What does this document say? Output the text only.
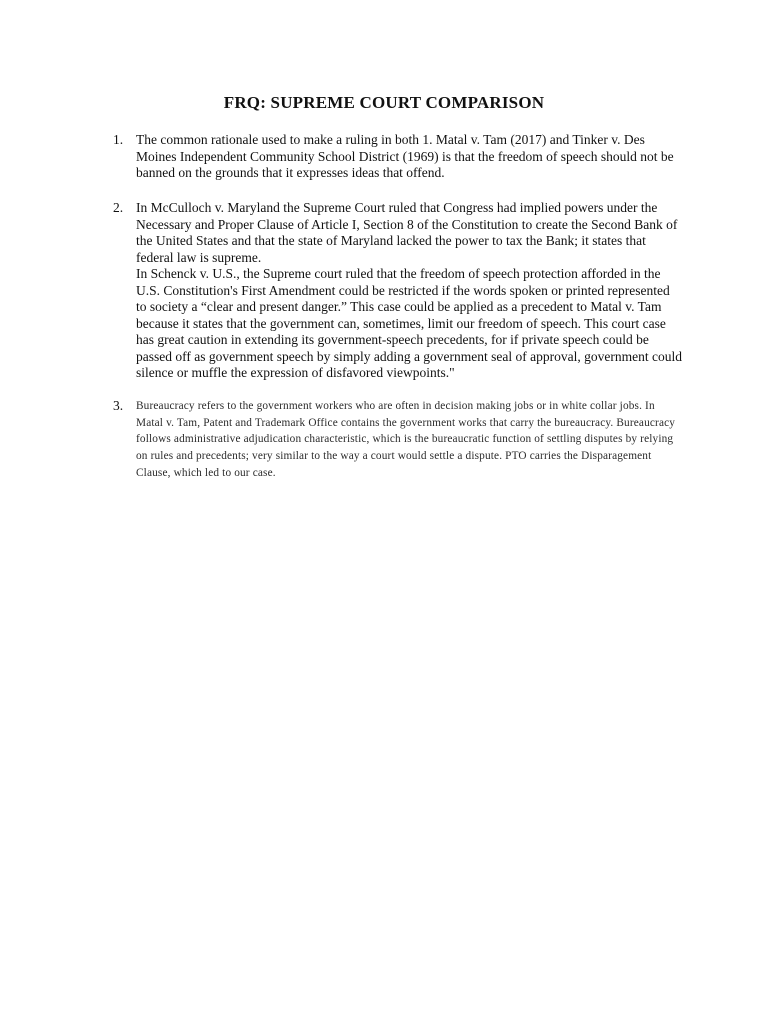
FRQ: SUPREME COURT COMPARISON
1. The common rationale used to make a ruling in both 1. Matal v. Tam (2017) and Tinker v. Des Moines Independent Community School District (1969) is that the freedom of speech should not be banned on the grounds that it expresses ideas that offend.

2. In McCulloch v. Maryland the Supreme Court ruled that Congress had implied powers under the Necessary and Proper Clause of Article I, Section 8 of the Constitution to create the Second Bank of the United States and that the state of Maryland lacked the power to tax the Bank; it states that federal law is supreme.

In Schenck v. U.S., the Supreme court ruled that the freedom of speech protection afforded in the U.S. Constitution's First Amendment could be restricted if the words spoken or printed represented to society a “clear and present danger.” This case could be applied as a precedent to Matal v. Tam because it states that the government can, sometimes, limit our freedom of speech. This court case has great caution in extending its government-speech precedents, for if private speech could be passed off as government speech by simply adding a government seal of approval, government could silence or muffle the expression of disfavored viewpoints."

3. Bureaucracy refers to the government workers who are often in decision making jobs or in white collar jobs. In Matal v. Tam, Patent and Trademark Office contains the government works that carry the bureaucracy. Bureaucracy follows administrative adjudication characteristic, which is the bureaucratic function of settling disputes by relying on rules and precedents; very similar to the way a court would settle a dispute. PTO carries the Disparagement Clause, which led to our case.
